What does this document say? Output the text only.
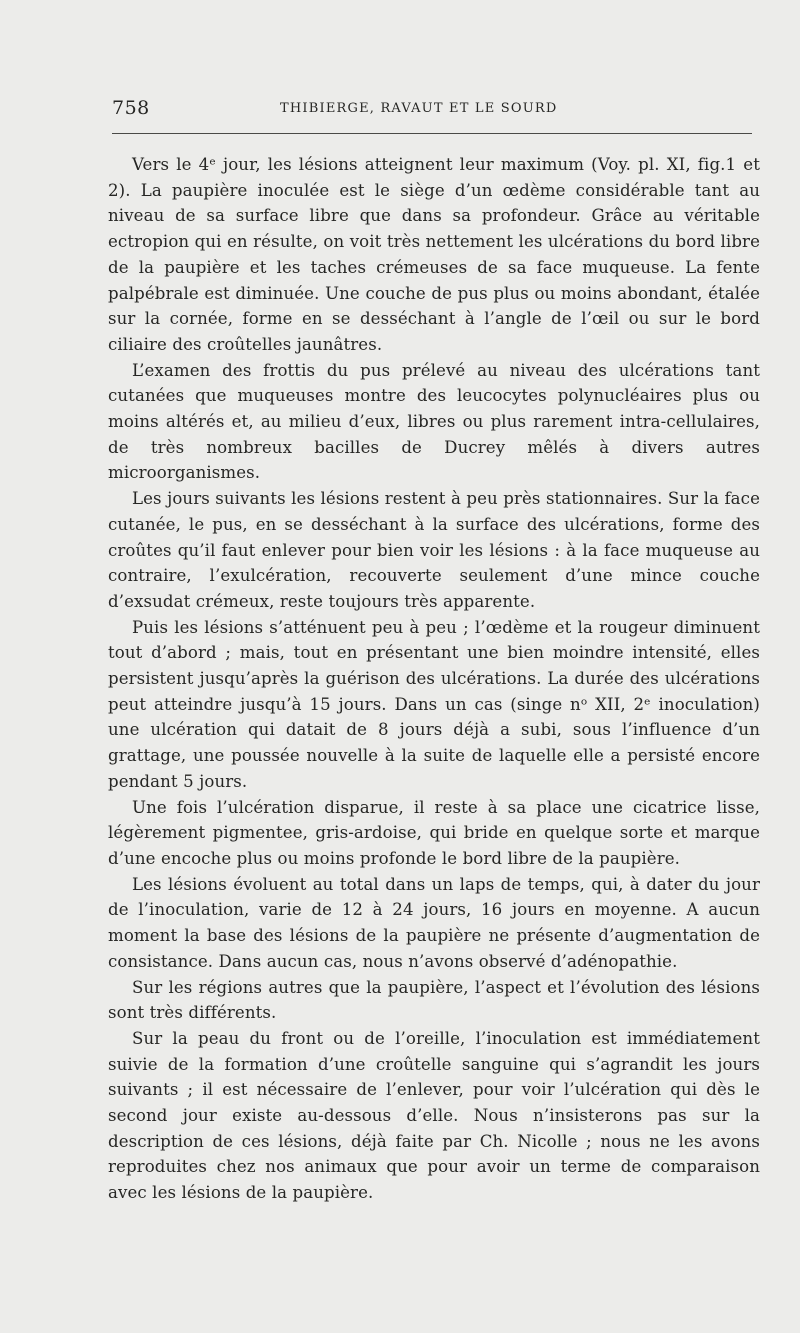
758	THIBIERGE, RAVAUT ET LE SOURD

Vers le 4ᵉ jour, les lésions atteignent leur maximum (Voy. pl. XI, fig.1 et 2). La paupière inoculée est le siège d’un œdème considérable tant au niveau de sa surface libre que dans sa profondeur. Grâce au véritable ectropion qui en résulte, on voit très nettement les ulcérations du bord libre de la paupière et les taches crémeuses de sa face muqueuse. La fente palpébrale est diminuée. Une couche de pus plus ou moins abondant, étalée sur la cornée, forme en se desséchant à l’angle de l’œil ou sur le bord ciliaire des croûtelles jaunâtres.

L’examen des frottis du pus prélevé au niveau des ulcérations tant cutanées que muqueuses montre des leucocytes polynucléaires plus ou moins altérés et, au milieu d’eux, libres ou plus rarement intra-cellulaires, de très nombreux bacilles de Ducrey mêlés à divers autres microorganismes.

Les jours suivants les lésions restent à peu près stationnaires. Sur la face cutanée, le pus, en se desséchant à la surface des ulcérations, forme des croûtes qu’il faut enlever pour bien voir les lésions : à la face muqueuse au contraire, l’exulcération, recouverte seulement d’une mince couche d’exsudat crémeux, reste toujours très apparente.

Puis les lésions s’atténuent peu à peu ; l’œdème et la rougeur diminuent tout d’abord ; mais, tout en présentant une bien moindre intensité, elles persistent jusqu’après la guérison des ulcérations. La durée des ulcérations peut atteindre jusqu’à 15 jours. Dans un cas (singe nᵒ XII, 2ᵉ inoculation) une ulcération qui datait de 8 jours déjà a subi, sous l’influence d’un grattage, une poussée nouvelle à la suite de laquelle elle a persisté encore pendant 5 jours.

Une fois l’ulcération disparue, il reste à sa place une cicatrice lisse, légèrement pigmentee, gris-ardoise, qui bride en quelque sorte et marque d’une encoche plus ou moins profonde le bord libre de la paupière.

Les lésions évoluent au total dans un laps de temps, qui, à dater du jour de l’inoculation, varie de 12 à 24 jours, 16 jours en moyenne. A aucun moment la base des lésions de la paupière ne présente d’augmentation de consistance. Dans aucun cas, nous n’avons observé d’adénopathie.

Sur les régions autres que la paupière, l’aspect et l’évolution des lésions sont très différents.

Sur la peau du front ou de l’oreille, l’inoculation est immédiatement suivie de la formation d’une croûtelle sanguine qui s’agrandit les jours suivants ; il est nécessaire de l’enlever, pour voir l’ulcération qui dès le second jour existe au-dessous d’elle. Nous n’insisterons pas sur la description de ces lésions, déjà faite par Ch. Nicolle ; nous ne les avons reproduites chez nos animaux que pour avoir un terme de comparaison avec les lésions de la paupière.
